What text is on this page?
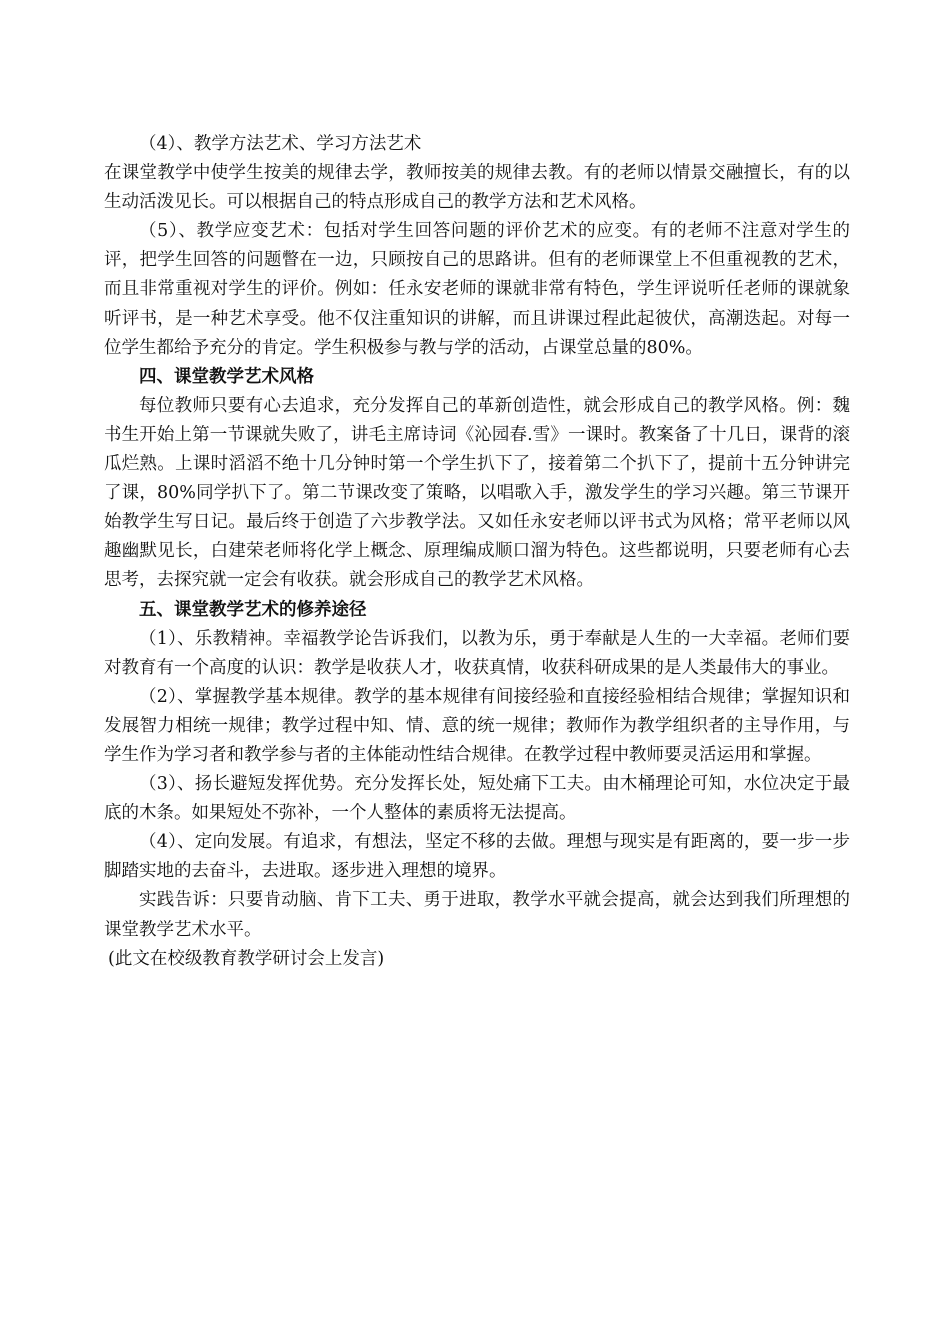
（4）、教学方法艺术、学习方法艺术

在课堂教学中使学生按美的规律去学，教师按美的规律去教。有的老师以情景交融擅长，有的以生动活泼见长。可以根据自己的特点形成自己的教学方法和艺术风格。

（5）、教学应变艺术：包括对学生回答问题的评价艺术的应变。有的老师不注意对学生的评，把学生回答的问题瞥在一边，只顾按自己的思路讲。但有的老师课堂上不但重视教的艺术，而且非常重视对学生的评价。例如：任永安老师的课就非常有特色，学生评说听任老师的课就象听评书，是一种艺术享受。他不仅注重知识的讲解，而且讲课过程此起彼伏，高潮迭起。对每一位学生都给予充分的肯定。学生积极参与教与学的活动，占课堂总量的80%。

四、课堂教学艺术风格

每位教师只要有心去追求，充分发挥自己的革新创造性，就会形成自己的教学风格。例：魏书生开始上第一节课就失败了，讲毛主席诗词《沁园春.雪》一课时。教案备了十几日，课背的滚瓜烂熟。上课时滔滔不绝十几分钟时第一个学生扒下了，接着第二个扒下了，提前十五分钟讲完了课，80%同学扒下了。第二节课改变了策略，以唱歌入手，激发学生的学习兴趣。第三节课开始教学生写日记。最后终于创造了六步教学法。又如任永安老师以评书式为风格；常平老师以风趣幽默见长，白建荣老师将化学上概念、原理编成顺口溜为特色。这些都说明，只要老师有心去思考，去探究就一定会有收获。就会形成自己的教学艺术风格。

五、课堂教学艺术的修养途径

（1）、乐教精神。幸福教学论告诉我们，以教为乐，勇于奉献是人生的一大幸福。老师们要对教育有一个高度的认识：教学是收获人才，收获真情，收获科研成果的是人类最伟大的事业。

（2）、掌握教学基本规律。教学的基本规律有间接经验和直接经验相结合规律；掌握知识和发展智力相统一规律；教学过程中知、情、意的统一规律；教师作为教学组织者的主导作用，与学生作为学习者和教学参与者的主体能动性结合规律。在教学过程中教师要灵活运用和掌握。

（3）、扬长避短发挥优势。充分发挥长处，短处痛下工夫。由木桶理论可知，水位决定于最底的木条。如果短处不弥补，一个人整体的素质将无法提高。

（4）、定向发展。有追求，有想法，坚定不移的去做。理想与现实是有距离的，要一步一步脚踏实地的去奋斗，去进取。逐步进入理想的境界。

实践告诉：只要肯动脑、肯下工夫、勇于进取，教学水平就会提高，就会达到我们所理想的课堂教学艺术水平。

(此文在校级教育教学研讨会上发言)
